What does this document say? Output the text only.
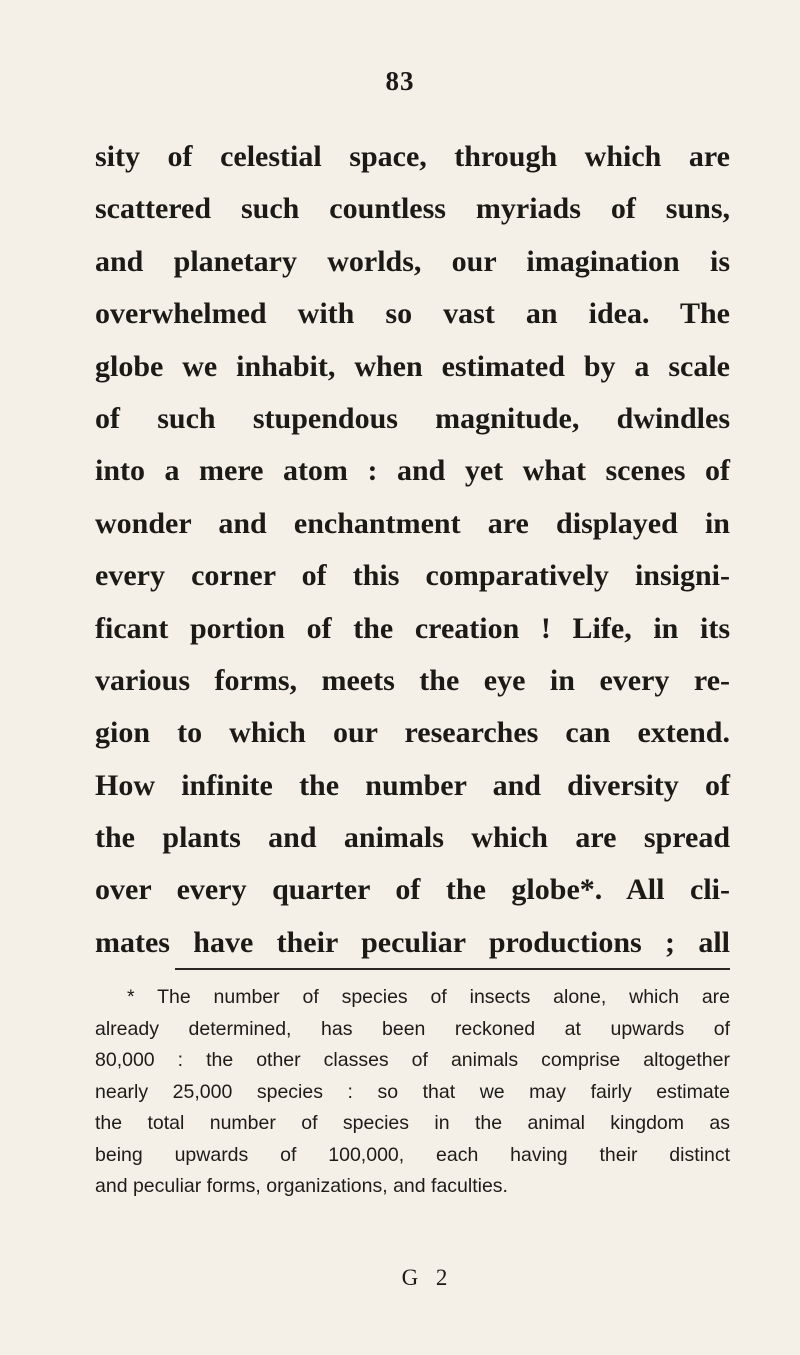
83
sity of celestial space, through which are
scattered such countless myriads of suns,
and planetary worlds, our imagination is
overwhelmed with so vast an idea. The
globe we inhabit, when estimated by a scale
of such stupendous magnitude, dwindles
into a mere atom : and yet what scenes of
wonder and enchantment are displayed in
every corner of this comparatively insigni-
ficant portion of the creation ! Life, in its
various forms, meets the eye in every re-
gion to which our researches can extend.
How infinite the number and diversity of
the plants and animals which are spread
over every quarter of the globe*. All cli-
mates have their peculiar productions ; all
* The number of species of insects alone, which are
already determined, has been reckoned at upwards of
80,000 : the other classes of animals comprise altogether
nearly 25,000 species : so that we may fairly estimate
the total number of species in the animal kingdom as
being upwards of 100,000, each having their distinct
and peculiar forms, organizations, and faculties.
G 2
